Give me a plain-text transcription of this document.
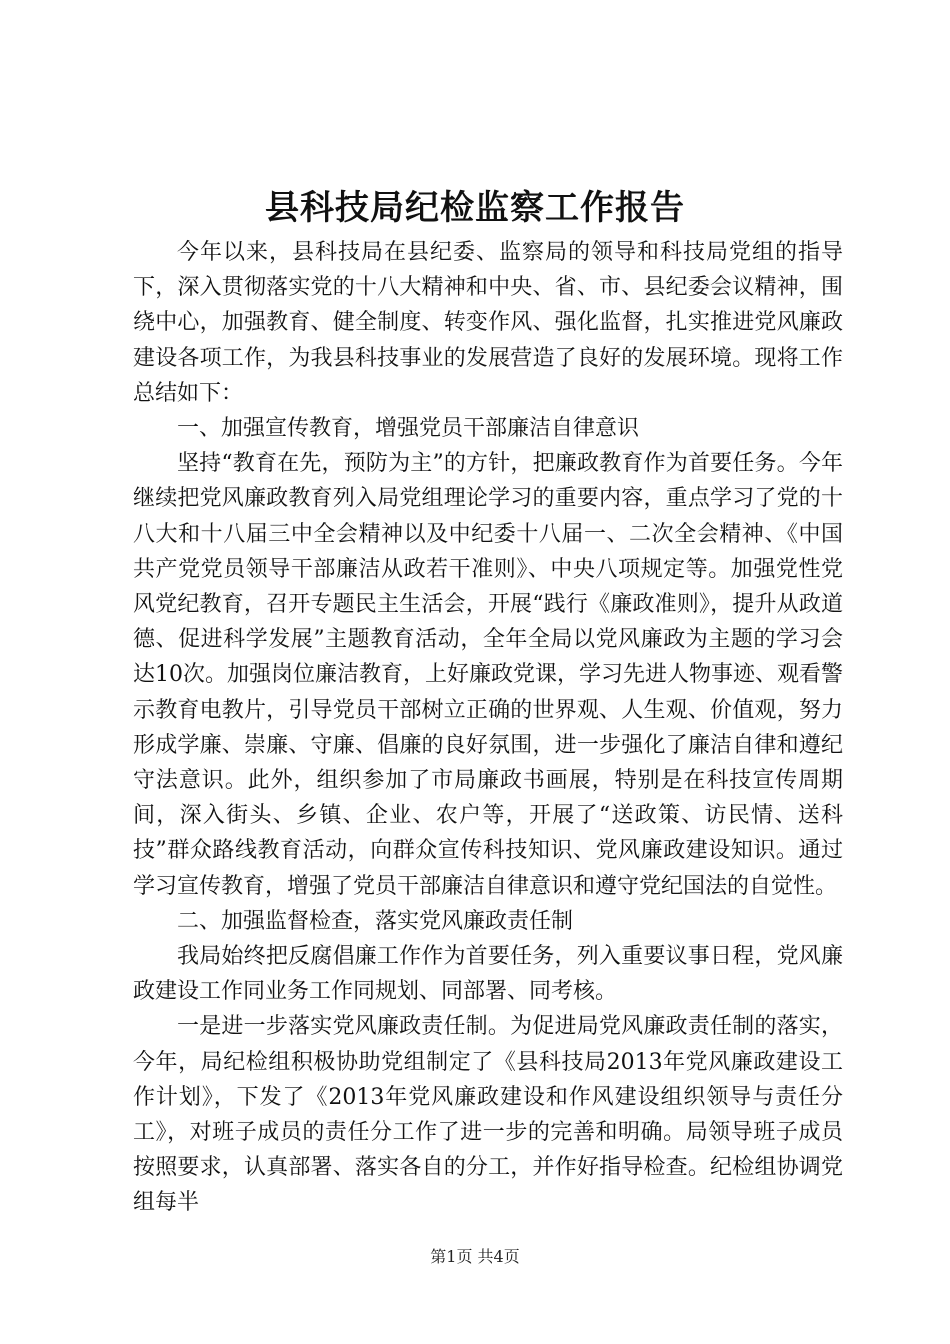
县科技局纪检监察工作报告

今年以来，县科技局在县纪委、监察局的领导和科技局党组的指导下，深入贯彻落实党的十八大精神和中央、省、市、县纪委会议精神，围绕中心，加强教育、健全制度、转变作风、强化监督，扎实推进党风廉政建设各项工作，为我县科技事业的发展营造了良好的发展环境。现将工作总结如下：

一、加强宣传教育，增强党员干部廉洁自律意识

坚持“教育在先，预防为主”的方针，把廉政教育作为首要任务。今年继续把党风廉政教育列入局党组理论学习的重要内容，重点学习了党的十八大和十八届三中全会精神以及中纪委十八届一、二次全会精神、《中国共产党党员领导干部廉洁从政若干准则》、中央八项规定等。加强党性党风党纪教育，召开专题民主生活会，开展“践行《廉政准则》，提升从政道德、促进科学发展”主题教育活动，全年全局以党风廉政为主题的学习会达10次。加强岗位廉洁教育，上好廉政党课，学习先进人物事迹、观看警示教育电教片，引导党员干部树立正确的世界观、人生观、价值观，努力形成学廉、崇廉、守廉、倡廉的良好氛围，进一步强化了廉洁自律和遵纪守法意识。此外，组织参加了市局廉政书画展，特别是在科技宣传周期间，深入街头、乡镇、企业、农户等，开展了“送政策、访民情、送科技”群众路线教育活动，向群众宣传科技知识、党风廉政建设知识。通过学习宣传教育，增强了党员干部廉洁自律意识和遵守党纪国法的自觉性。

二、加强监督检查，落实党风廉政责任制

我局始终把反腐倡廉工作作为首要任务，列入重要议事日程，党风廉政建设工作同业务工作同规划、同部署、同考核。

一是进一步落实党风廉政责任制。为促进局党风廉政责任制的落实，今年，局纪检组积极协助党组制定了《县科技局2013年党风廉政建设工作计划》，下发了《2013年党风廉政建设和作风建设组织领导与责任分工》，对班子成员的责任分工作了进一步的完善和明确。局领导班子成员按照要求，认真部署、落实各自的分工，并作好指导检查。纪检组协调党组每半

第1页 共4页
